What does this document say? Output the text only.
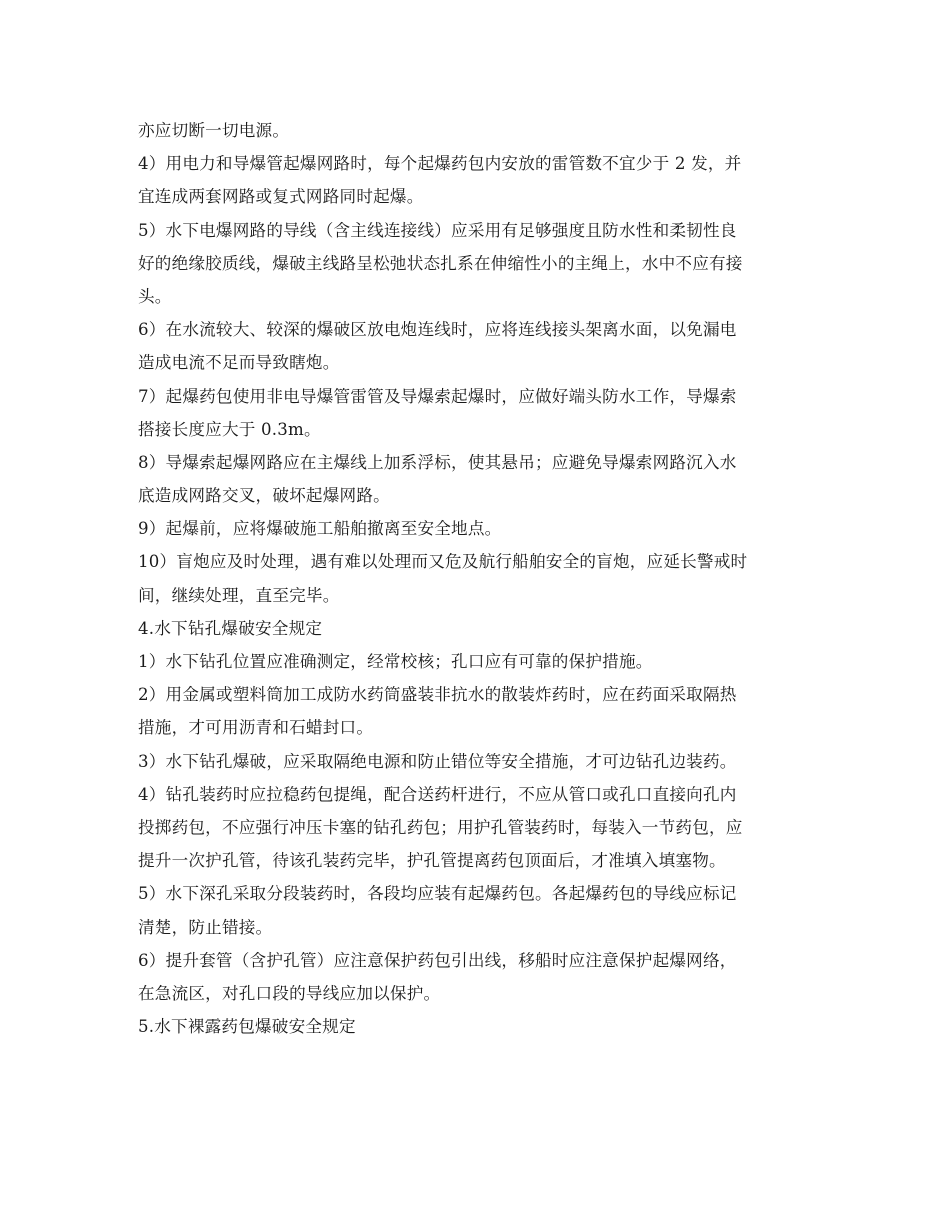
亦应切断一切电源。
4）用电力和导爆管起爆网路时，每个起爆药包内安放的雷管数不宜少于 2 发，并
宜连成两套网路或复式网路同时起爆。
5）水下电爆网路的导线（含主线连接线）应采用有足够强度且防水性和柔韧性良
好的绝缘胶质线，爆破主线路呈松弛状态扎系在伸缩性小的主绳上，水中不应有接
头。
6）在水流较大、较深的爆破区放电炮连线时，应将连线接头架离水面，以免漏电
造成电流不足而导致瞎炮。
7）起爆药包使用非电导爆管雷管及导爆索起爆时，应做好端头防水工作，导爆索
搭接长度应大于 0.3m。
8）导爆索起爆网路应在主爆线上加系浮标，使其悬吊；应避免导爆索网路沉入水
底造成网路交叉，破坏起爆网路。
9）起爆前，应将爆破施工船舶撤离至安全地点。
10）盲炮应及时处理，遇有难以处理而又危及航行船舶安全的盲炮，应延长警戒时
间，继续处理，直至完毕。
4.水下钻孔爆破安全规定
1）水下钻孔位置应准确测定，经常校核；孔口应有可靠的保护措施。
2）用金属或塑料筒加工成防水药筒盛装非抗水的散装炸药时，应在药面采取隔热
措施，才可用沥青和石蜡封口。
3）水下钻孔爆破，应采取隔绝电源和防止错位等安全措施，才可边钻孔边装药。
4）钻孔装药时应拉稳药包提绳，配合送药杆进行，不应从管口或孔口直接向孔内
投掷药包，不应强行冲压卡塞的钻孔药包；用护孔管装药时，每装入一节药包，应
提升一次护孔管，待该孔装药完毕，护孔管提离药包顶面后，才准填入填塞物。
5）水下深孔采取分段装药时，各段均应装有起爆药包。各起爆药包的导线应标记
清楚，防止错接。
6）提升套管（含护孔管）应注意保护药包引出线，移船时应注意保护起爆网络，
在急流区，对孔口段的导线应加以保护。
5.水下裸露药包爆破安全规定
